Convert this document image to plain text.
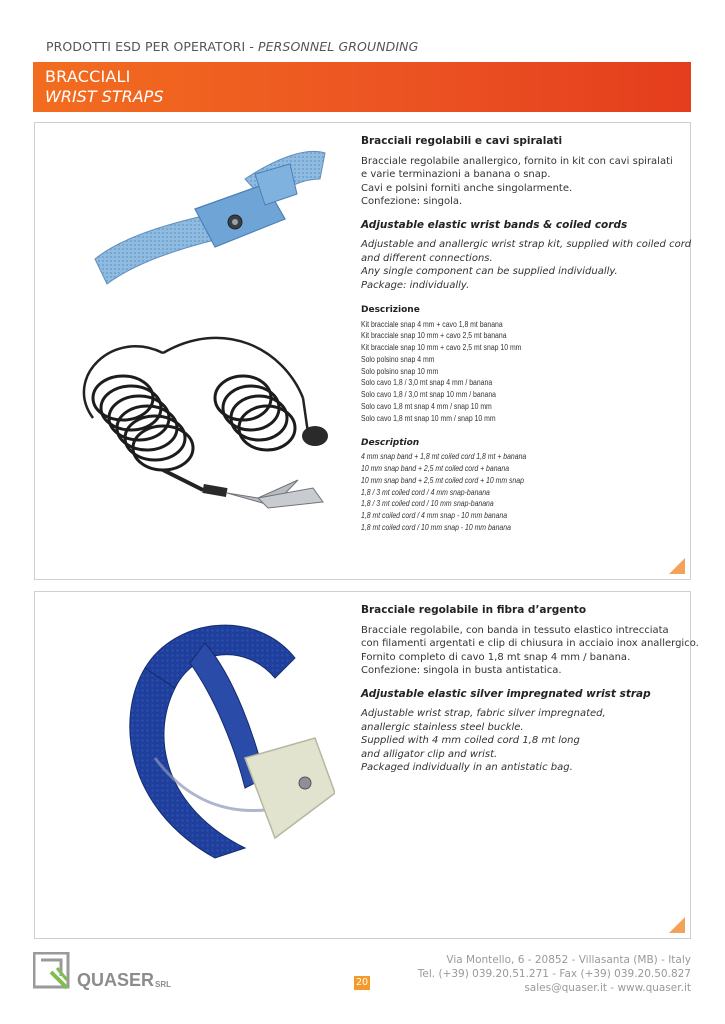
PRODOTTI ESD PER OPERATORI - PERSONNEL GROUNDING
BRACCIALI
WRIST STRAPS
Bracciali regolabili e cavi spiralati

Bracciale regolabile anallergico, fornito in kit con cavi spiralati

e varie terminazioni a banana o snap.

Cavi e polsini forniti anche singolarmente.

Confezione: singola.

Adjustable elastic wrist bands & coiled cords

Adjustable and anallergic wrist strap kit, supplied with coiled cord

and different connections.

Any single component can be supplied individually.

Package: individually.

Descrizione
Kit bracciale snap 4 mm + cavo 1,8 mt banana
Kit bracciale snap 10 mm + cavo 2,5 mt banana
Kit bracciale snap 10 mm + cavo 2,5 mt snap 10 mm
Solo polsino snap 4 mm
Solo polsino snap 10 mm
Solo cavo 1,8 / 3,0 mt snap 4 mm / banana
Solo cavo 1,8 / 3,0 mt snap 10 mm / banana
Solo cavo 1,8 mt snap 4 mm / snap 10 mm
Solo cavo 1,8 mt snap 10 mm / snap 10 mm
Description
4 mm snap band + 1,8 mt coiled cord 1,8 mt + banana
10 mm snap band + 2,5 mt coiled cord + banana
10 mm snap band + 2,5 mt coiled cord + 10 mm snap
1,8 / 3 mt coiled cord / 4 mm snap-banana
1,8 / 3 mt coiled cord / 10 mm snap-banana
1,8 mt coiled cord / 4 mm snap - 10 mm banana
1,8 mt coiled cord / 10 mm snap - 10 mm banana
Bracciale regolabile in fibra d’argento

Bracciale regolabile, con banda in tessuto elastico intrecciata

con filamenti argentati e clip di chiusura in acciaio inox anallergico.

Fornito completo di cavo 1,8 mt snap 4 mm / banana.

Confezione: singola in busta antistatica.

Adjustable elastic silver impregnated wrist strap

Adjustable wrist strap, fabric silver impregnated,

anallergic stainless steel buckle.

Supplied with 4 mm coiled cord 1,8 mt long

and alligator clip and wrist.

Packaged individually in an antistatic bag.

QUASER SRL	20
Via Montello, 6 - 20852 - Villasanta (MB) - Italy
Tel. (+39) 039.20.51.271 - Fax (+39) 039.20.50.827
sales@quaser.it - www.quaser.it
